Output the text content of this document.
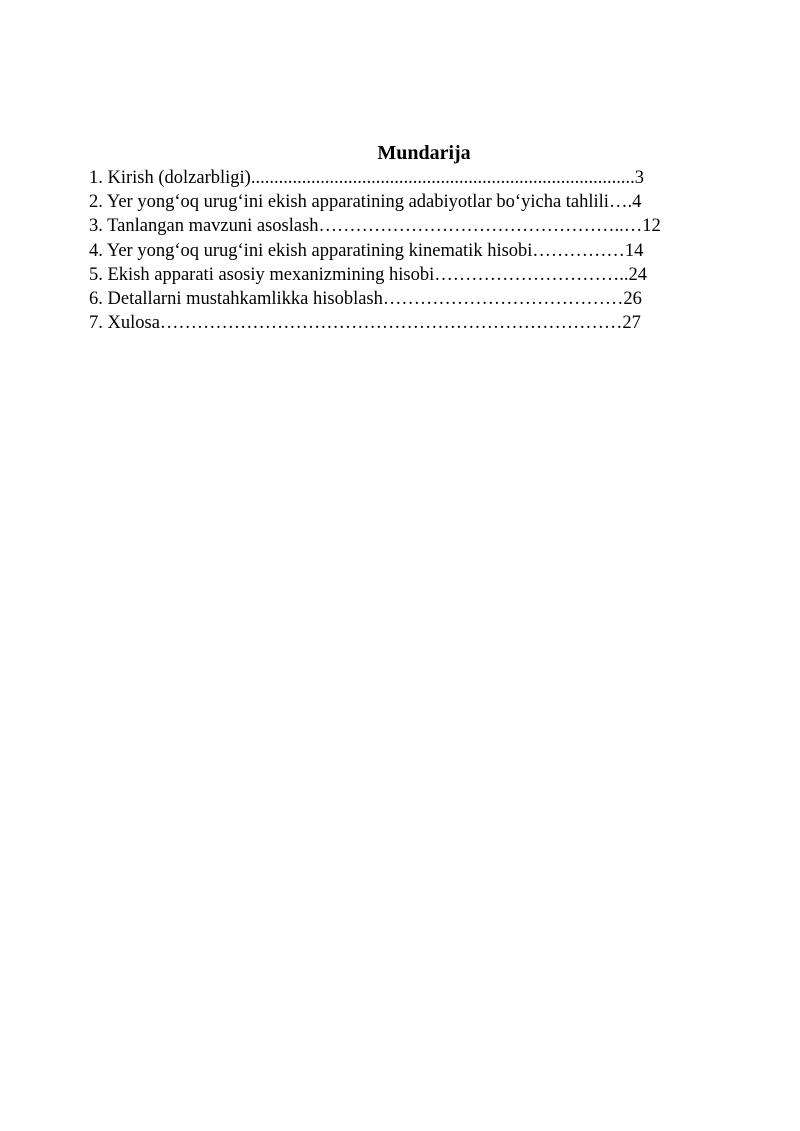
Mundarija
1. Kirish (dolzarbligi)...................................................................................3
2. Yer yong‘oq urug‘ini ekish apparatining adabiyotlar bo‘yicha tahlili….4
3. Tanlangan mavzuni asoslash…………………………………………..…12
4. Yer yong‘oq urug‘ini ekish apparatining kinematik hisobi……………14
5. Ekish apparati asosiy mexanizmining hisobi…………………………..24
6. Detallarni mustahkamlikka hisoblash…………………………………26
7. Xulosa…………………………………………………………………27
